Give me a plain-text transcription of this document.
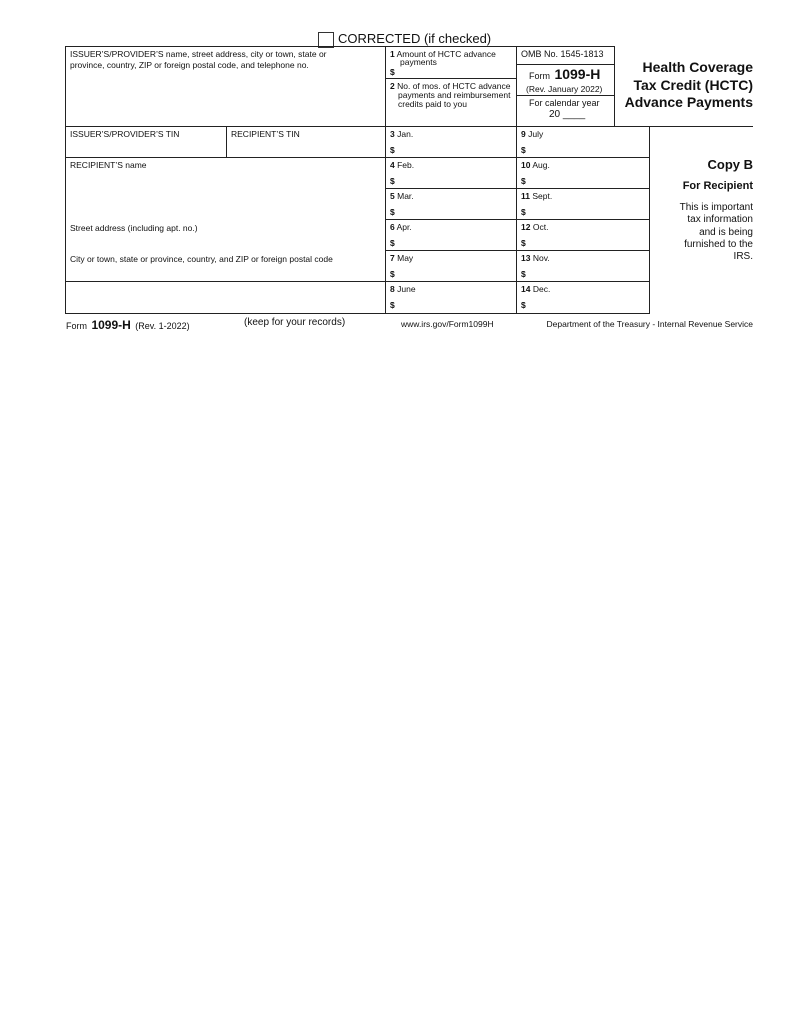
CORRECTED (if checked)
ISSUER’S/PROVIDER’S name, street address, city or town, state or
province, country, ZIP or foreign postal code, and telephone no.
ISSUER’S/PROVIDER’S TIN	RECIPIENT’S TIN
RECIPIENT’S name
Street address (including apt. no.)
City or town, state or province, country, and ZIP or foreign postal code
1 Amount of HCTC advance
payments
$
2 No. of mos. of HCTC advance
payments and reimbursement
credits paid to you
OMB No. 1545-1813
Form 1099-H
(Rev. January 2022)
For calendar year
20 ____
Health Coverage
Tax Credit (HCTC)
Advance Payments
3 Jan.
$
4 Feb.
$
5 Mar.
$
6 Apr.
$
7 May
$
8 June
$
9 July
$
10 Aug.
$
11 Sept.
$
12 Oct.
$
13 Nov.
$
14 Dec.
$
Copy B
For Recipient
This is important
tax information
and is being
furnished to the
IRS.
Form 1099-H (Rev. 1-2022)	(keep for your records)	www.irs.gov/Form1099H	Department of the Treasury - Internal Revenue Service
